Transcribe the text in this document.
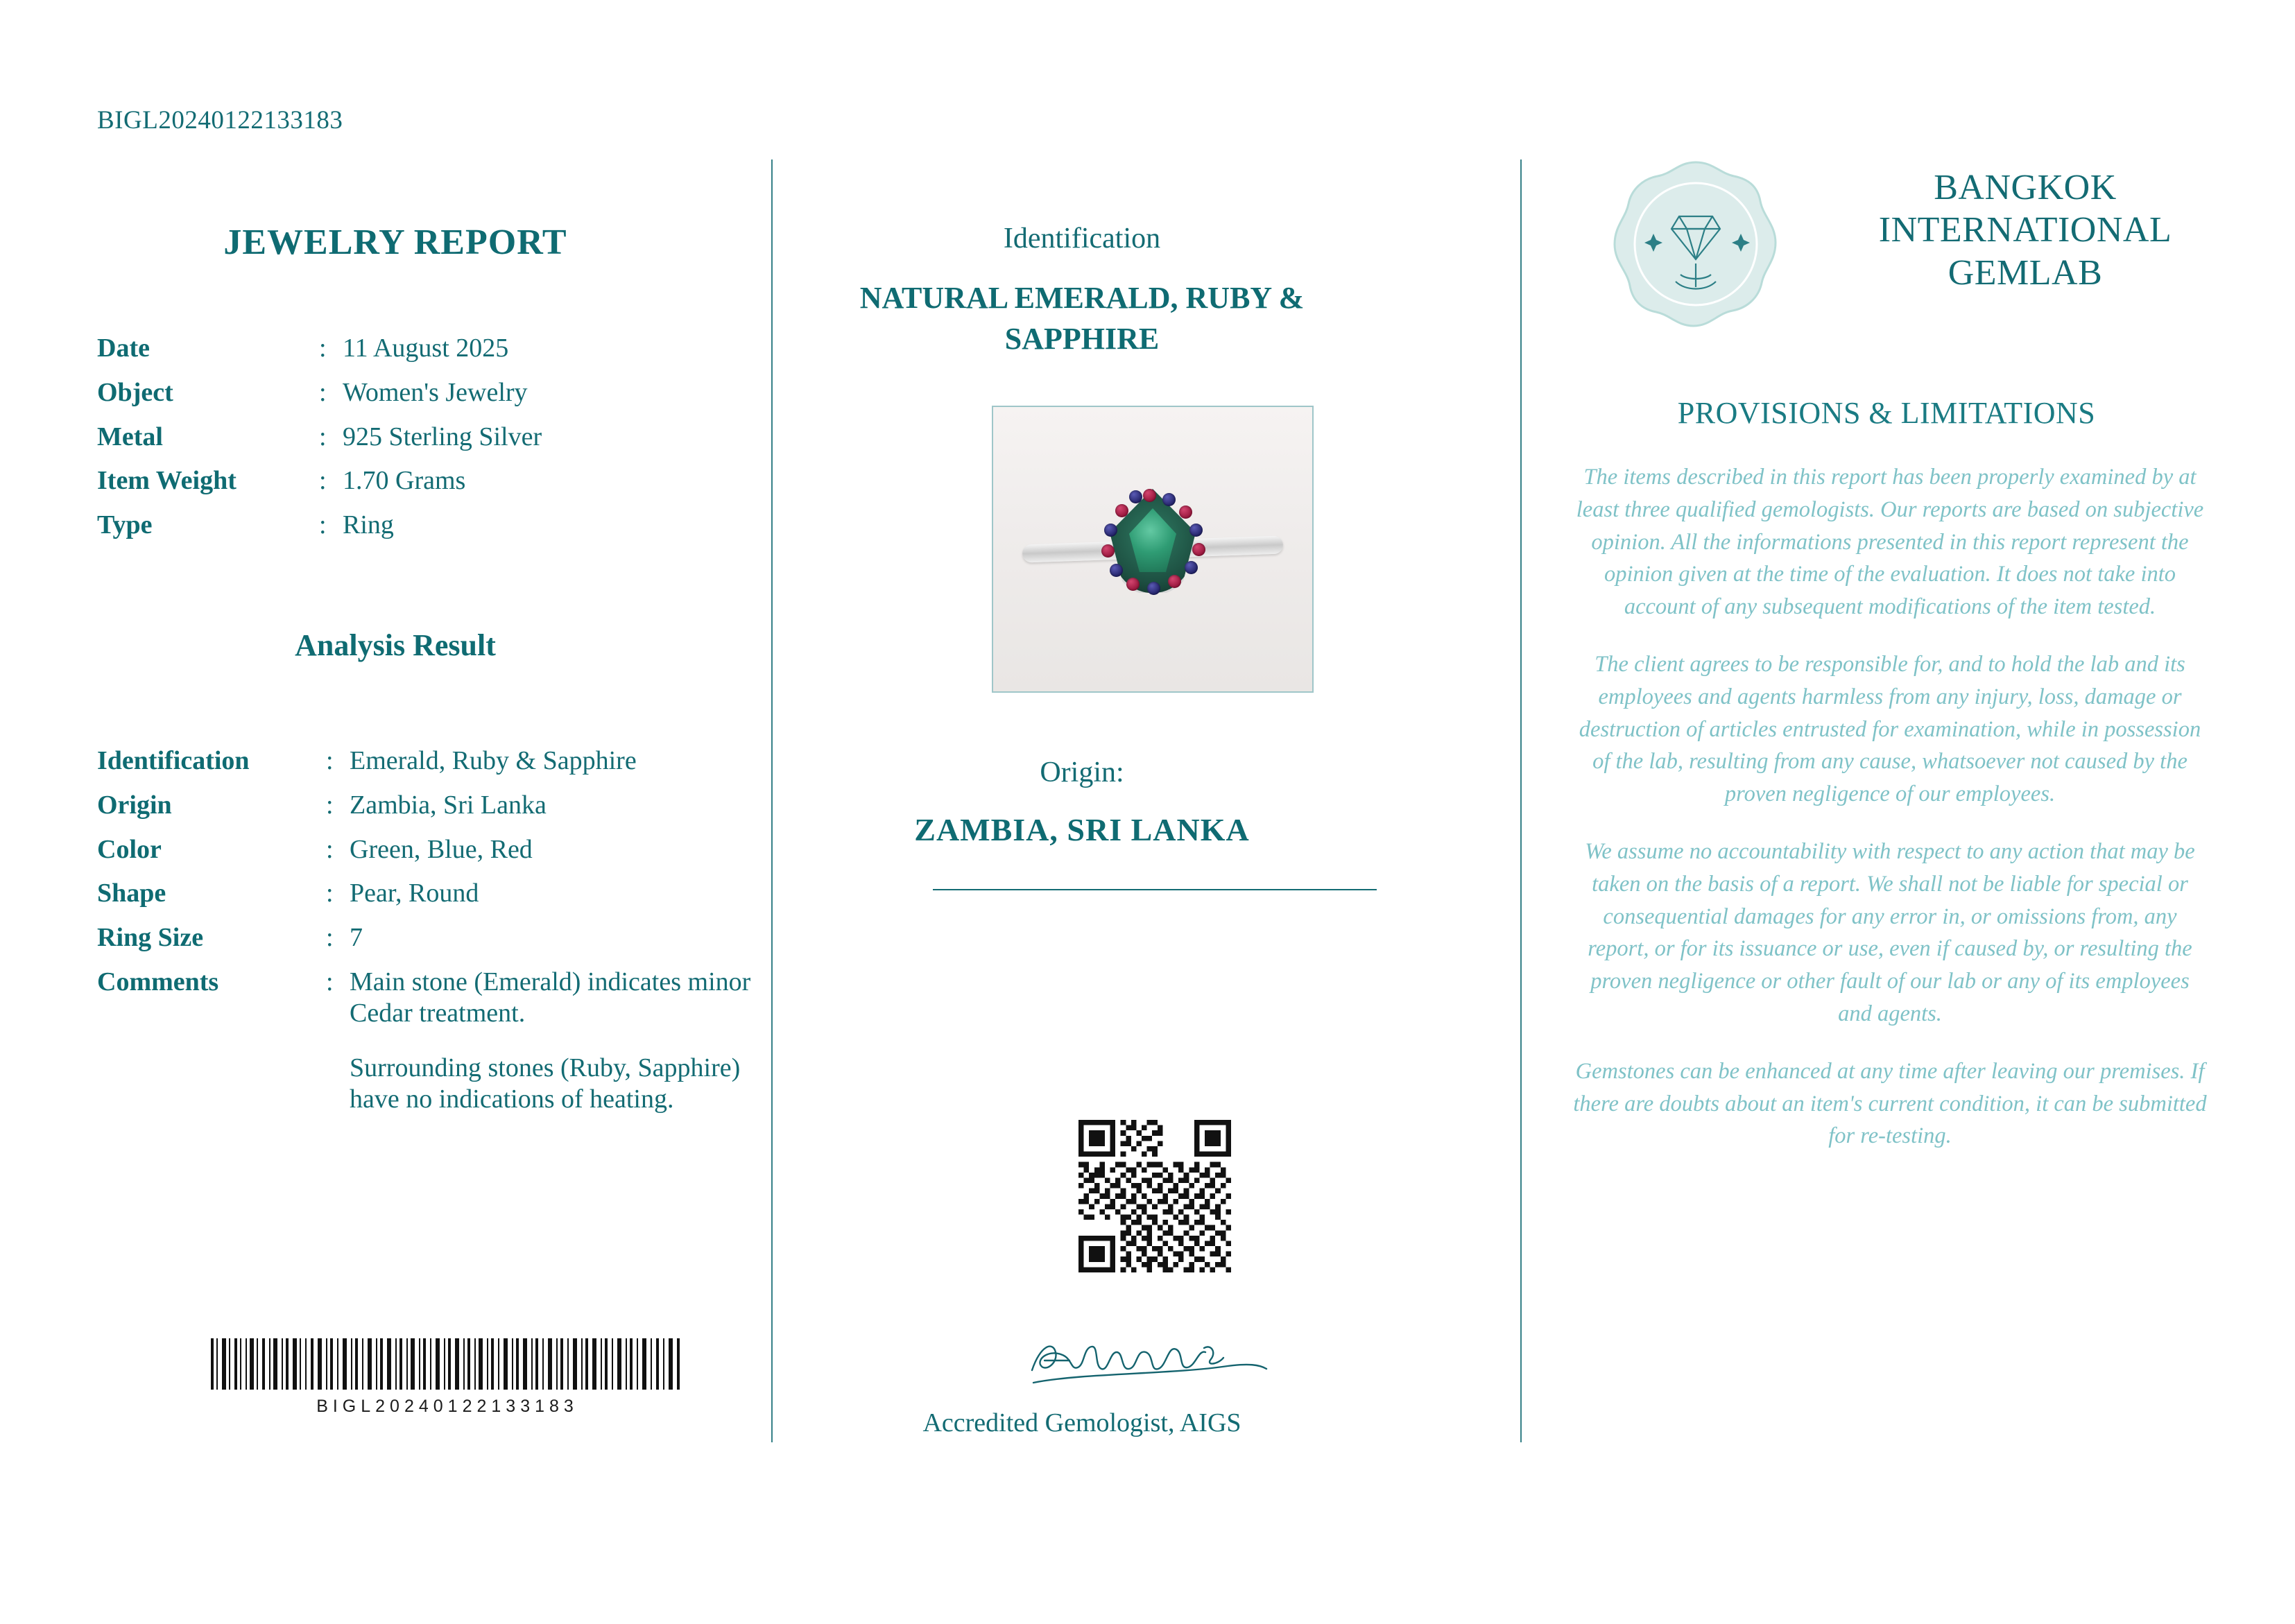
BIGL20240122133183
JEWELRY REPORT
Date	: 11 August 2025
Object	: Women's Jewelry
Metal	: 925 Sterling Silver
Item Weight	: 1.70 Grams
Type	: Ring
Analysis Result
Identification	: Emerald, Ruby & Sapphire
Origin	: Zambia, Sri Lanka
Color	: Green, Blue, Red
Shape	: Pear, Round
Ring Size	: 7
Comments	: Main stone (Emerald) indicates minor Cedar treatment.
Surrounding stones (Ruby, Sapphire) have no indications of heating.
BIGL20240122133183
Identification
NATURAL EMERALD, RUBY & SAPPHIRE
Origin:
ZAMBIA, SRI LANKA
Accredited Gemologist, AIGS
BANGKOK INTERNATIONAL GEMLAB
PROVISIONS & LIMITATIONS

The items described in this report has been properly examined by at least three qualified gemologists. Our reports are based on subjective opinion. All the informations presented in this report represent the opinion given at the time of the evaluation. It does not take into account of any subsequent modifications of the item tested.

The client agrees to be responsible for, and to hold the lab and its employees and agents harmless from any injury, loss, damage or destruction of articles entrusted for examination, while in possession of the lab, resulting from any cause, whatsoever not caused by the proven negligence of our employees.

We assume no accountability with respect to any action that may be taken on the basis of a report. We shall not be liable for special or consequential damages for any error in, or omissions from, any report, or for its issuance or use, even if caused by, or resulting the proven negligence or other fault of our lab or any of its employees and agents.

Gemstones can be enhanced at any time after leaving our premises. If there are doubts about an item's current condition, it can be submitted for re-testing.
